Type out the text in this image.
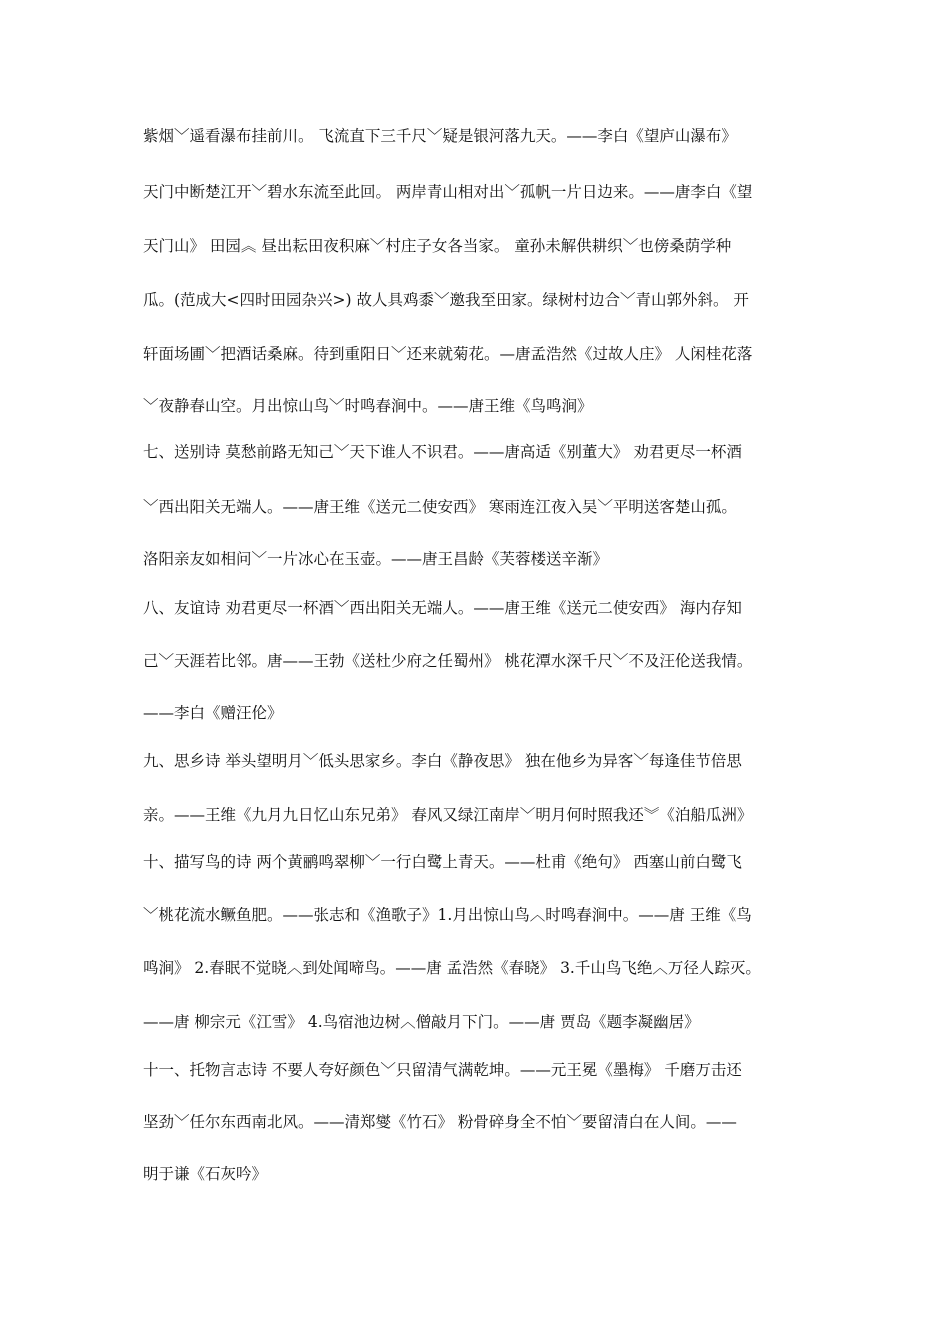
紫烟﹀遥看瀑布挂前川。 飞流直下三千尺﹀疑是银河落九天。——李白《望庐山瀑布》
天门中断楚江开﹀碧水东流至此回。 两岸青山相对出﹀孤帆一片日边来。——唐李白《望
天门山》 田园︽ 昼出耘田夜积麻﹀村庄子女各当家。 童孙未解供耕织﹀也傍桑荫学种
瓜。(范成大<四时田园杂兴>) 故人具鸡黍﹀邀我至田家。绿树村边合﹀青山郭外斜。 开
轩面场圃﹀把酒话桑麻。待到重阳日﹀还来就菊花。—唐孟浩然《过故人庄》 人闲桂花落
﹀夜静春山空。月出惊山鸟﹀时鸣春涧中。——唐王维《鸟鸣涧》
七、送别诗 莫愁前路无知己﹀天下谁人不识君。——唐高适《别董大》 劝君更尽一杯酒
﹀西出阳关无端人。——唐王维《送元二使安西》 寒雨连江夜入吴﹀平明送客楚山孤。
洛阳亲友如相问﹀一片冰心在玉壶。——唐王昌龄《芙蓉楼送辛渐》
八、友谊诗 劝君更尽一杯酒﹀西出阳关无端人。——唐王维《送元二使安西》 海内存知
己﹀天涯若比邻。唐——王勃《送杜少府之任蜀州》 桃花潭水深千尺﹀不及汪伦送我情。
——李白《赠汪伦》
九、思乡诗 举头望明月﹀低头思家乡。李白《静夜思》 独在他乡为异客﹀每逢佳节倍思
亲。——王维《九月九日忆山东兄弟》 春风又绿江南岸﹀明月何时照我还︾《泊船瓜洲》
十、描写鸟的诗 两个黄鹂鸣翠柳﹀一行白鹭上青天。——杜甫《绝句》 西塞山前白鹭飞
﹀桃花流水鳜鱼肥。——张志和《渔歌子》1.月出惊山鸟︿时鸣春涧中。——唐 王维《鸟
鸣涧》 2.春眠不觉晓︿到处闻啼鸟。——唐 孟浩然《春晓》 3.千山鸟飞绝︿万径人踪灭。
——唐 柳宗元《江雪》 4.鸟宿池边树︿僧敲月下门。——唐 贾岛《题李凝幽居》
十一、托物言志诗 不要人夸好颜色﹀只留清气满乾坤。——元王冕《墨梅》 千磨万击还
坚劲﹀任尔东西南北风。——清郑燮《竹石》 粉骨碎身全不怕﹀要留清白在人间。——
明于谦《石灰吟》
